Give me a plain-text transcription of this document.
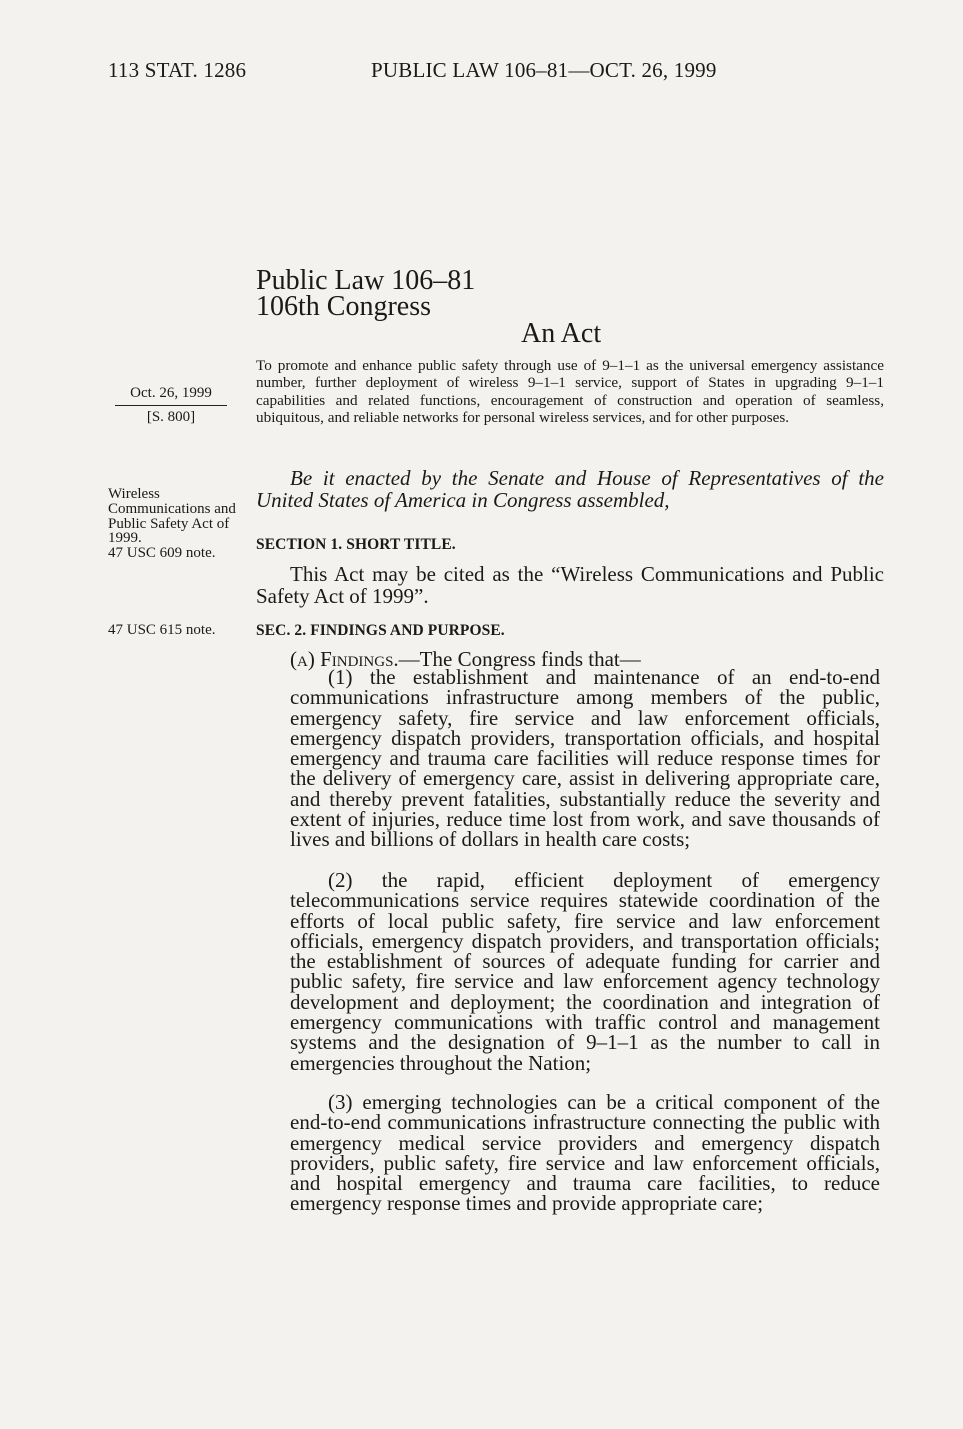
113 STAT. 1286	PUBLIC LAW 106–81—OCT. 26, 1999
Public Law 106–81
106th Congress
An Act
To promote and enhance public safety through use of 9–1–1 as the universal emergency assistance number, further deployment of wireless 9–1–1 service, support of States in upgrading 9–1–1 capabilities and related functions, encouragement of construction and operation of seamless, ubiquitous, and reliable networks for personal wireless services, and for other purposes.
Oct. 26, 1999
[S. 800]
Wireless Communications and Public Safety Act of 1999.
47 USC 609 note.
47 USC 615 note.
Be it enacted by the Senate and House of Representatives of the United States of America in Congress assembled,
SECTION 1. SHORT TITLE.
This Act may be cited as the “Wireless Communications and Public Safety Act of 1999”.
SEC. 2. FINDINGS AND PURPOSE.
(a) Findings.—The Congress finds that—
(1) the establishment and maintenance of an end-to-end communications infrastructure among members of the public, emergency safety, fire service and law enforcement officials, emergency dispatch providers, transportation officials, and hospital emergency and trauma care facilities will reduce response times for the delivery of emergency care, assist in delivering appropriate care, and thereby prevent fatalities, substantially reduce the severity and extent of injuries, reduce time lost from work, and save thousands of lives and billions of dollars in health care costs;
(2) the rapid, efficient deployment of emergency telecommunications service requires statewide coordination of the efforts of local public safety, fire service and law enforcement officials, emergency dispatch providers, and transportation officials; the establishment of sources of adequate funding for carrier and public safety, fire service and law enforcement agency technology development and deployment; the coordination and integration of emergency communications with traffic control and management systems and the designation of 9–1–1 as the number to call in emergencies throughout the Nation;
(3) emerging technologies can be a critical component of the end-to-end communications infrastructure connecting the public with emergency medical service providers and emergency dispatch providers, public safety, fire service and law enforcement officials, and hospital emergency and trauma care facilities, to reduce emergency response times and provide appropriate care;
